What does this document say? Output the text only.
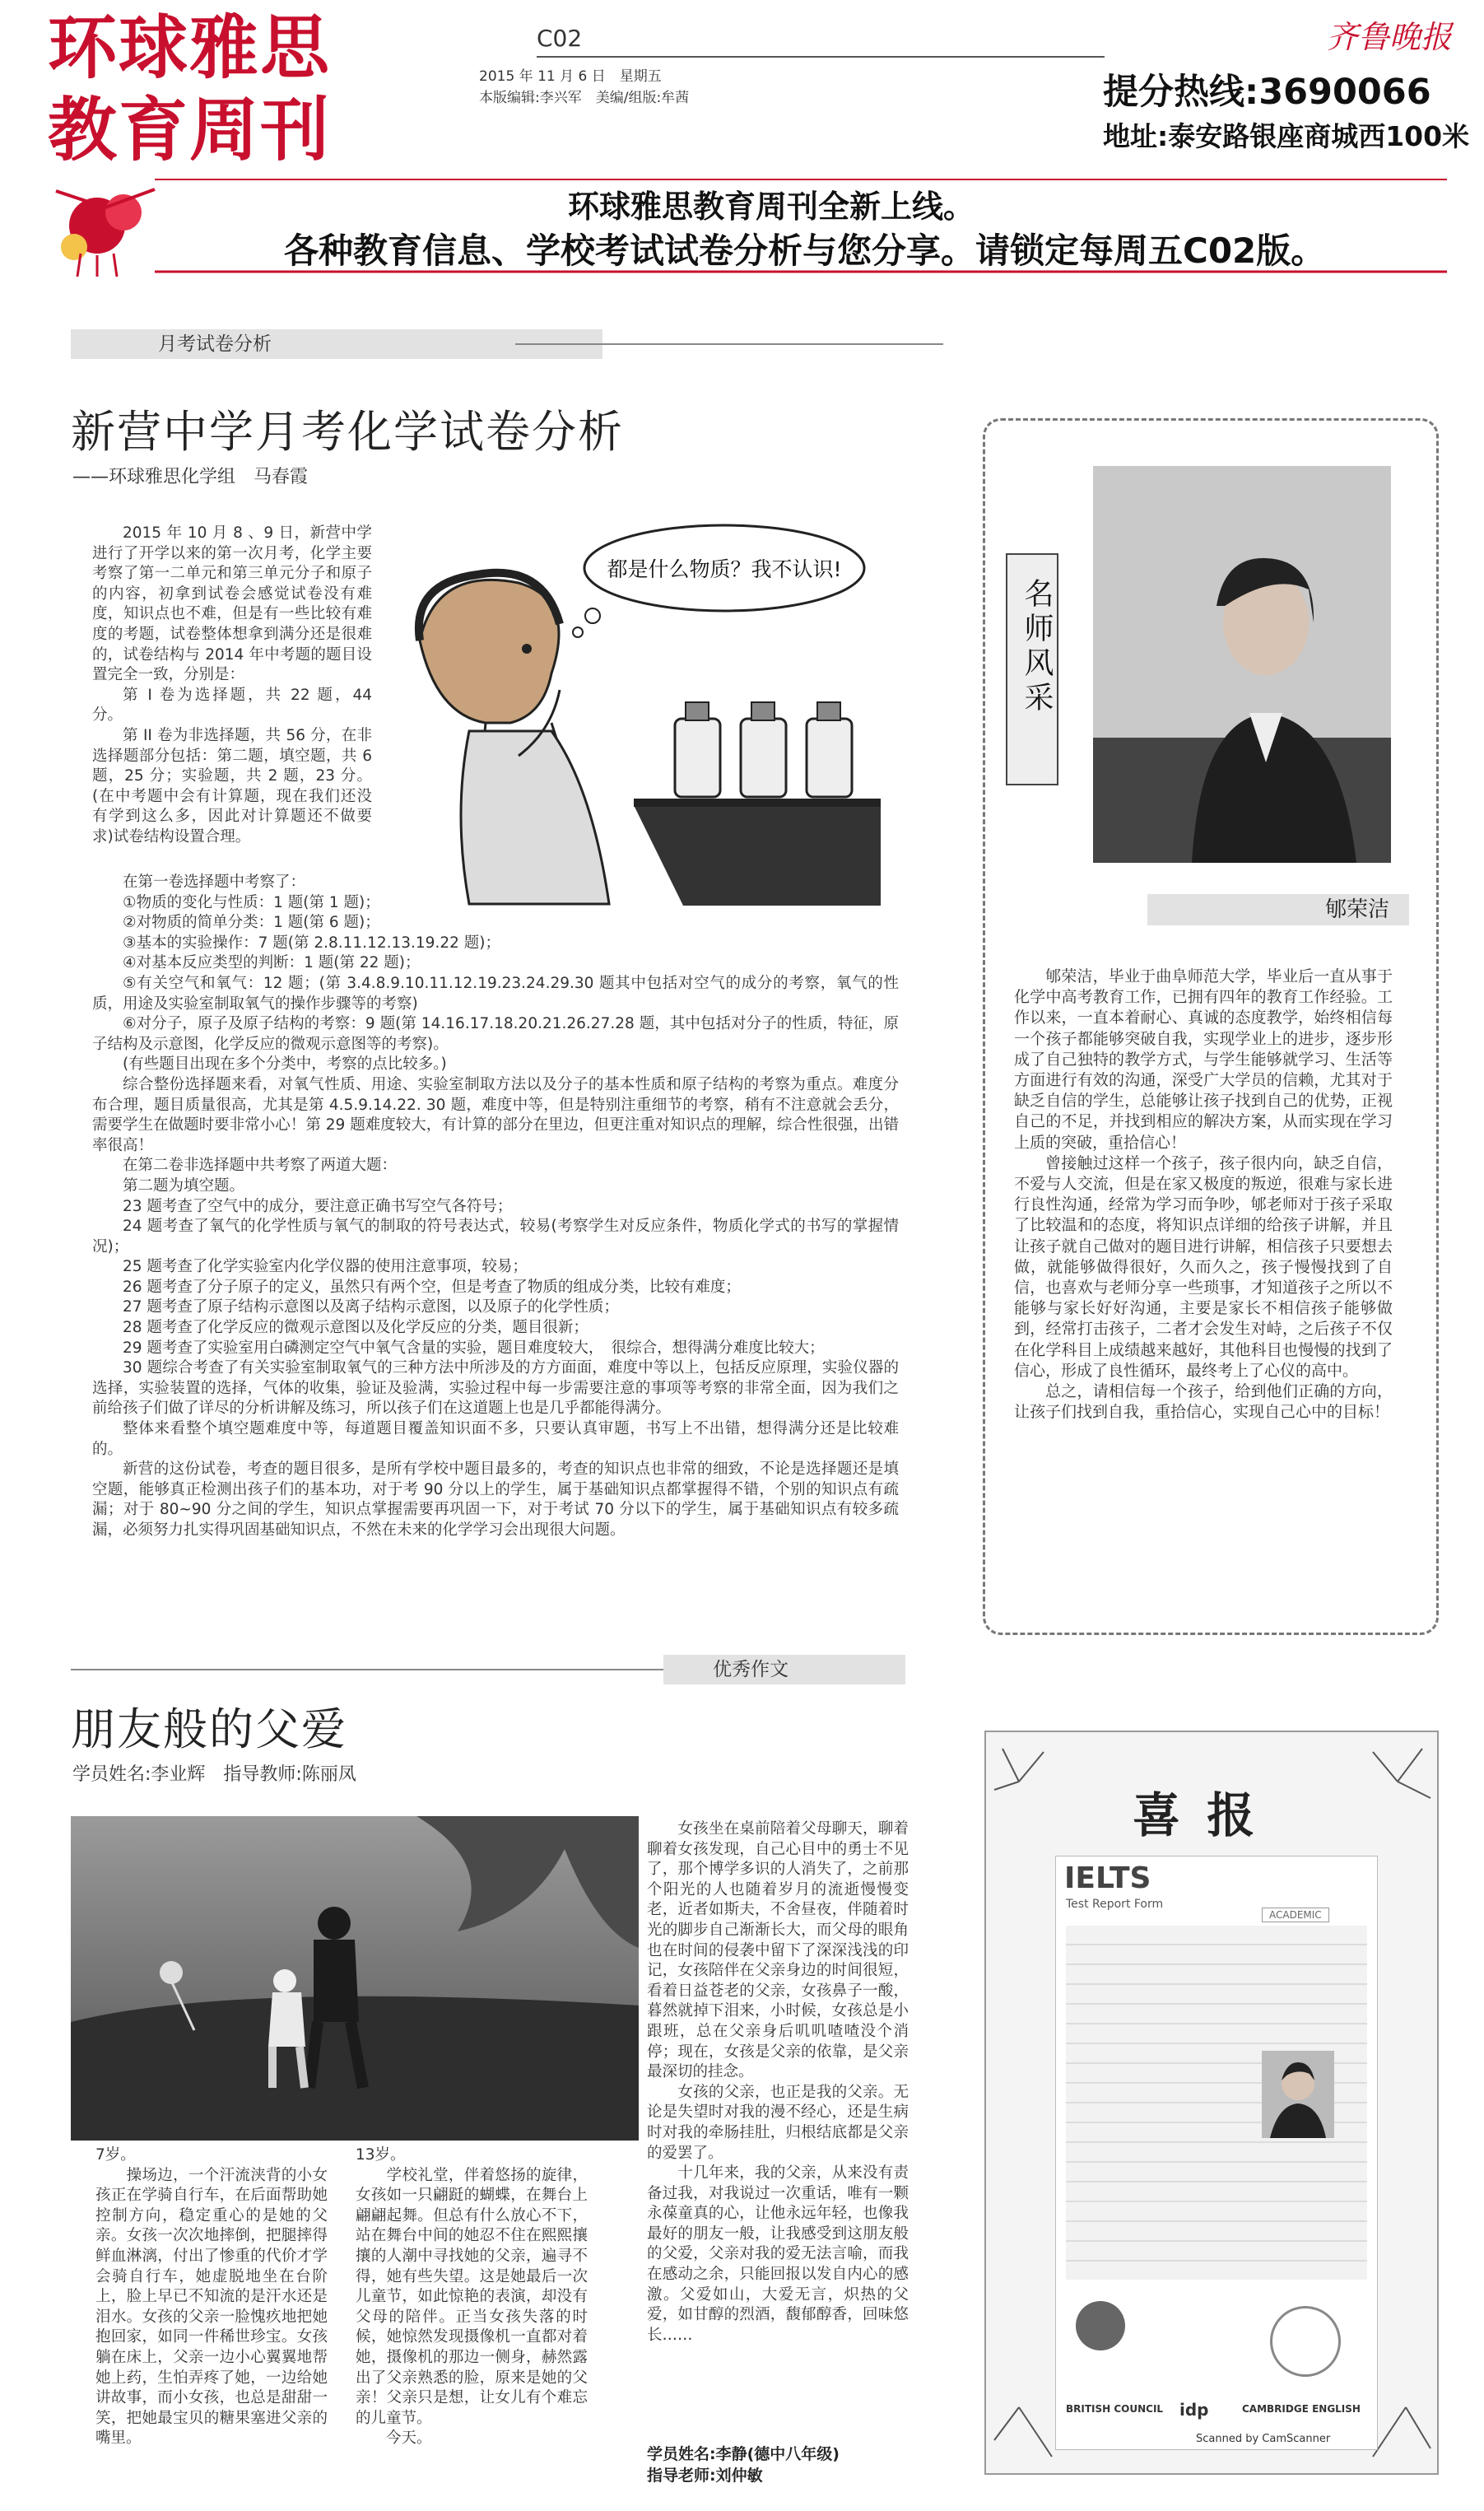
环球雅思
教育周刊
C02
2015 年 11 月 6 日　星期五
本版编辑:李兴军　美编/组版:牟茜
齐鲁晚报
提分热线:3690066
地址:泰安路银座商城西100米
环球雅思教育周刊全新上线。
各种教育信息、学校考试试卷分析与您分享。请锁定每周五C02版。
月考试卷分析
新营中学月考化学试卷分析
——环球雅思化学组　马春霞
都是什么物质？我不认识!

2015 年 10 月 8 、9 日，新营中学进行了开学以来的第一次月考，化学主要考察了第一二单元和第三单元分子和原子的内容，初拿到试卷会感觉试卷没有难度，知识点也不难，但是有一些比较有难度的考题，试卷整体想拿到满分还是很难的，试卷结构与 2014 年中考题的题目设置完全一致，分别是：

第 I 卷为选择题，共 22 题，44 分。

第 II 卷为非选择题，共 56 分，在非选择题部分包括：第二题，填空题，共 6 题，25 分；实验题，共 2 题，23 分。(在中考题中会有计算题，现在我们还没有学到这么多，因此对计算题还不做要求)试卷结构设置合理。

在第一卷选择题中考察了：

①物质的变化与性质：1 题(第 1 题)；

②对物质的简单分类：1 题(第 6 题)；

③基本的实验操作：7 题(第 2.8.11.12.13.19.22 题)；

④对基本反应类型的判断：1 题(第 22 题)；

⑤有关空气和氧气：12 题；(第 3.4.8.9.10.11.12.19.23.24.29.30 题其中包括对空气的成分的考察，氧气的性质，用途及实验室制取氧气的操作步骤等的考察)

⑥对分子，原子及原子结构的考察：9 题(第 14.16.17.18.20.21.26.27.28 题，其中包括对分子的性质，特征，原子结构及示意图，化学反应的微观示意图等的考察)。

(有些题目出现在多个分类中，考察的点比较多。)

综合整份选择题来看，对氧气性质、用途、实验室制取方法以及分子的基本性质和原子结构的考察为重点。难度分布合理，题目质量很高，尤其是第 4.5.9.14.22. 30 题，难度中等，但是特别注重细节的考察，稍有不注意就会丢分，需要学生在做题时要非常小心！第 29 题难度较大，有计算的部分在里边，但更注重对知识点的理解，综合性很强，出错率很高！

在第二卷非选择题中共考察了两道大题：

第二题为填空题。

23 题考查了空气中的成分，要注意正确书写空气各符号；

24 题考查了氧气的化学性质与氧气的制取的符号表达式，较易(考察学生对反应条件，物质化学式的书写的掌握情况)；

25 题考查了化学实验室内化学仪器的使用注意事项，较易；

26 题考查了分子原子的定义，虽然只有两个空，但是考查了物质的组成分类，比较有难度；

27 题考查了原子结构示意图以及离子结构示意图，以及原子的化学性质；

28 题考查了化学反应的微观示意图以及化学反应的分类，题目很新；

29 题考查了实验室用白磷测定空气中氧气含量的实验，题目难度较大，　很综合，想得满分难度比较大；

30 题综合考查了有关实验室制取氧气的三种方法中所涉及的方方面面，难度中等以上，包括反应原理，实验仪器的选择，实验装置的选择，气体的收集，验证及验满，实验过程中每一步需要注意的事项等考察的非常全面，因为我们之前给孩子们做了详尽的分析讲解及练习，所以孩子们在这道题上也是几乎都能得满分。

整体来看整个填空题难度中等，每道题目覆盖知识面不多，只要认真审题，书写上不出错，想得满分还是比较难的。

新营的这份试卷，考查的题目很多，是所有学校中题目最多的，考查的知识点也非常的细致，不论是选择题还是填空题，能够真正检测出孩子们的基本功，对于考 90 分以上的学生，属于基础知识点都掌握得不错，个别的知识点有疏漏；对于 80~90 分之间的学生，知识点掌握需要再巩固一下，对于考试 70 分以下的学生，属于基础知识点有较多疏漏，必须努力扎实得巩固基础知识点，不然在未来的化学学习会出现很大问题。

名师风采
郇荣洁

郇荣洁，毕业于曲阜师范大学，毕业后一直从事于化学中高考教育工作，已拥有四年的教育工作经验。工作以来，一直本着耐心、真诚的态度教学，始终相信每一个孩子都能够突破自我，实现学业上的进步，逐步形成了自己独特的教学方式，与学生能够就学习、生活等方面进行有效的沟通，深受广大学员的信赖，尤其对于缺乏自信的学生，总能够让孩子找到自己的优势，正视自己的不足，并找到相应的解决方案，从而实现在学习上质的突破，重拾信心！

曾接触过这样一个孩子，孩子很内向，缺乏自信，不爱与人交流，但是在家又极度的叛逆，很难与家长进行良性沟通，经常为学习而争吵，郇老师对于孩子采取了比较温和的态度，将知识点详细的给孩子讲解，并且让孩子就自己做对的题目进行讲解，相信孩子只要想去做，就能够做得很好，久而久之，孩子慢慢找到了自信，也喜欢与老师分享一些琐事，才知道孩子之所以不能够与家长好好沟通，主要是家长不相信孩子能够做到，经常打击孩子，二者才会发生对峙，之后孩子不仅在化学科目上成绩越来越好，其他科目也慢慢的找到了信心，形成了良性循环，最终考上了心仪的高中。

总之，请相信每一个孩子，给到他们正确的方向，让孩子们找到自我，重拾信心，实现自己心中的目标！

优秀作文
朋友般的父爱
学员姓名:李业辉　指导教师:陈丽凤
7岁。
　　操场边，一个汗流浃背的小女孩正在学骑自行车，在后面帮助她控制方向，稳定重心的是她的父亲。女孩一次次地摔倒，把腿摔得鲜血淋漓，付出了惨重的代价才学会骑自行车，她虚脱地坐在台阶上，脸上早已不知流的是汗水还是泪水。女孩的父亲一脸愧疚地把她抱回家，如同一件稀世珍宝。女孩躺在床上，父亲一边小心翼翼地帮她上药，生怕弄疼了她，一边给她讲故事，而小女孩，也总是甜甜一笑，把她最宝贝的糖果塞进父亲的嘴里。
13岁。
　　学校礼堂，伴着悠扬的旋律，女孩如一只翩跹的蝴蝶，在舞台上翩翩起舞。但总有什么放心不下，站在舞台中间的她忍不住在熙熙攘攘的人潮中寻找她的父亲，遍寻不得，她有些失望。这是她最后一次儿童节，如此惊艳的表演，却没有父母的陪伴。正当女孩失落的时候，她惊然发现摄像机一直都对着她，摄像机的那边一侧身，赫然露出了父亲熟悉的脸，原来是她的父亲！父亲只是想，让女儿有个难忘的儿童节。
　　今天。
　　女孩坐在桌前陪着父母聊天，聊着聊着女孩发现，自己心目中的勇士不见了，那个博学多识的人消失了，之前那个阳光的人也随着岁月的流逝慢慢变老，近者如斯夫，不舍昼夜，伴随着时光的脚步自己渐渐长大，而父母的眼角也在时间的侵袭中留下了深深浅浅的印记，女孩陪伴在父亲身边的时间很短，看着日益苍老的父亲，女孩鼻子一酸，暮然就掉下泪来，小时候，女孩总是小跟班，总在父亲身后叽叽喳喳没个消停；现在，女孩是父亲的依靠，是父亲最深切的挂念。
　　女孩的父亲，也正是我的父亲。无论是失望时对我的漫不经心，还是生病时对我的牵肠挂肚，归根结底都是父亲的爱罢了。
　　十几年来，我的父亲，从来没有责备过我，对我说过一次重话，唯有一颗永葆童真的心，让他永远年轻，也像我最好的朋友一般，让我感受到这朋友般的父爱，父亲对我的爱无法言喻，而我在感动之余，只能回报以发自内心的感激。父爱如山，大爱无言，炽热的父爱，如甘醇的烈酒，馥郁醇香，回味悠长……
学员姓名:李静(德中八年级)
指导老师:刘仲敏
喜 报
IELTS
Test Report Form
ACADEMIC
BRITISH COUNCIL idp	CAMBRIDGE ENGLISH
Scanned by CamScanner
